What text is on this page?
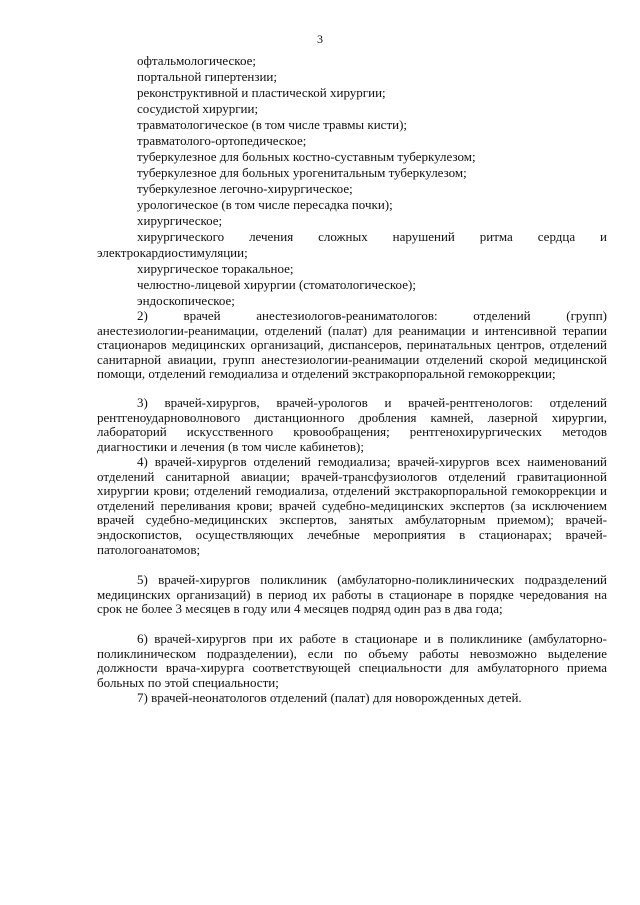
3
офтальмологическое;
портальной гипертензии;
реконструктивной и пластической хирургии;
сосудистой хирургии;
травматологическое (в том числе травмы кисти);
травматолого-ортопедическое;
туберкулезное для больных костно-суставным туберкулезом;
туберкулезное для больных урогенитальным туберкулезом;
туберкулезное легочно-хирургическое;
урологическое (в том числе пересадка почки);
хирургическое;
хирургического лечения сложных нарушений ритма сердца и
электрокардиостимуляции;
хирургическое торакальное;
челюстно-лицевой хирургии (стоматологическое);
эндоскопическое;
2) врачей анестезиологов-реаниматологов: отделений (групп)
анестезиологии-реанимации, отделений (палат) для реанимации и интенсивной терапии стационаров медицинских организаций, диспансеров, перинатальных центров, отделений санитарной авиации, групп анестезиологии-реанимации отделений скорой медицинской помощи, отделений гемодиализа и отделений экстракорпоральной гемокоррекции;
3) врачей-хирургов, врачей-урологов и врачей-рентгенологов: отделений рентгеноударноволнового дистанционного дробления камней, лазерной хирургии, лабораторий искусственного кровообращения; рентгенохирургических методов диагностики и лечения (в том числе кабинетов);
4) врачей-хирургов отделений гемодиализа; врачей-хирургов всех наименований отделений санитарной авиации; врачей-трансфузиологов отделений гравитационной хирургии крови; отделений гемодиализа, отделений экстракорпоральной гемокоррекции и отделений переливания крови; врачей судебно-медицинских экспертов (за исключением врачей судебно-медицинских экспертов, занятых амбулаторным приемом); врачей-эндоскопистов, осуществляющих лечебные мероприятия в стационарах; врачей-патологоанатомов;
5) врачей-хирургов поликлиник (амбулаторно-поликлинических подразделений медицинских организаций) в период их работы в стационаре в порядке чередования на срок не более 3 месяцев в году или 4 месяцев подряд один раз в два года;
6) врачей-хирургов при их работе в стационаре и в поликлинике (амбулаторно-поликлиническом подразделении), если по объему работы невозможно выделение должности врача-хирурга соответствующей специальности для амбулаторного приема больных по этой специальности;
7) врачей-неонатологов отделений (палат) для новорожденных детей.
